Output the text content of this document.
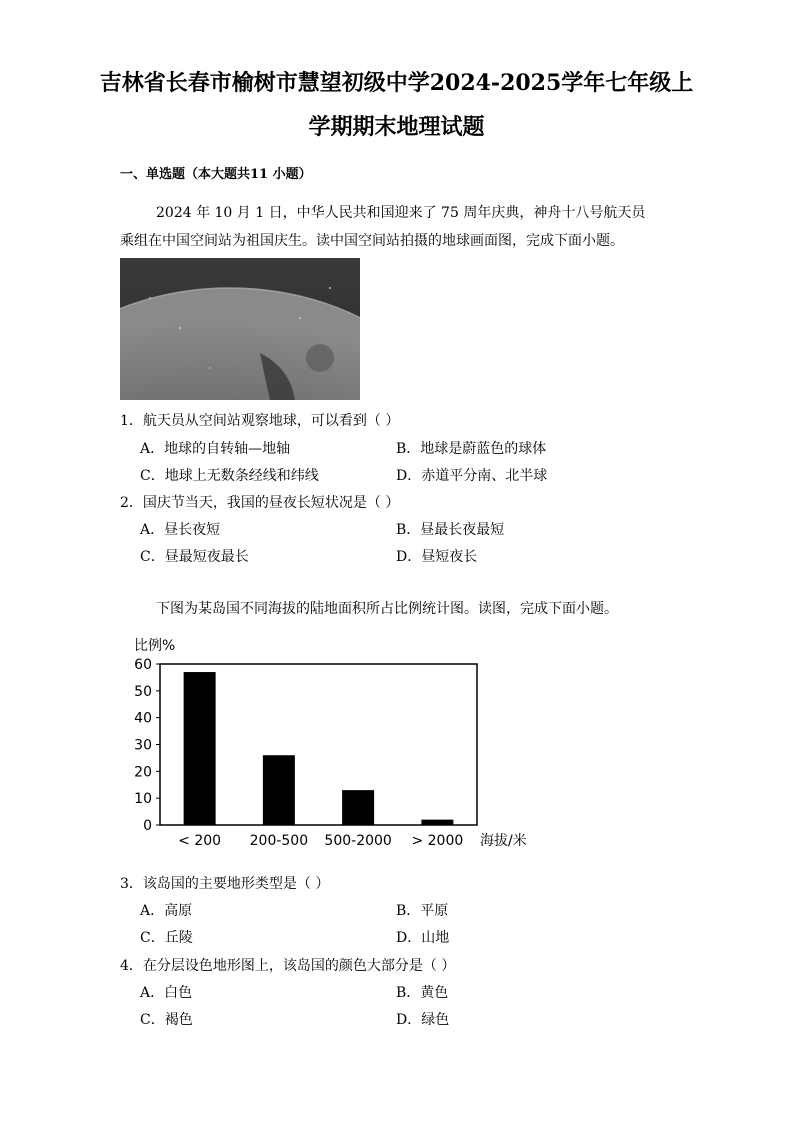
吉林省长春市榆树市慧望初级中学2024-2025学年七年级上
学期期末地理试题
一、单选题（本大题共11 小题）
2024 年 10 月 1 日，中华人民共和国迎来了 75 周年庆典，神舟十八号航天员
乘组在中国空间站为祖国庆生。读中国空间站拍摄的地球画面图，完成下面小题。
1．航天员从空间站观察地球，可以看到（ ）
A．地球的自转轴—地轴	B．地球是蔚蓝色的球体
C．地球上无数条经线和纬线	D．赤道平分南、北半球
2．国庆节当天，我国的昼夜长短状况是（ ）
A．昼长夜短	B．昼最长夜最短
C．昼最短夜最长	D．昼短夜长
下图为某岛国不同海拔的陆地面积所占比例统计图。读图，完成下面小题。
0
10
20
30
40
50
60
比例%
< 200 200-500 500-2000 > 2000 海拔/米
3．该岛国的主要地形类型是（ ）
A．高原	B．平原
C．丘陵	D．山地
4．在分层设色地形图上，该岛国的颜色大部分是（ ）
A．白色	B．黄色
C．褐色	D．绿色
